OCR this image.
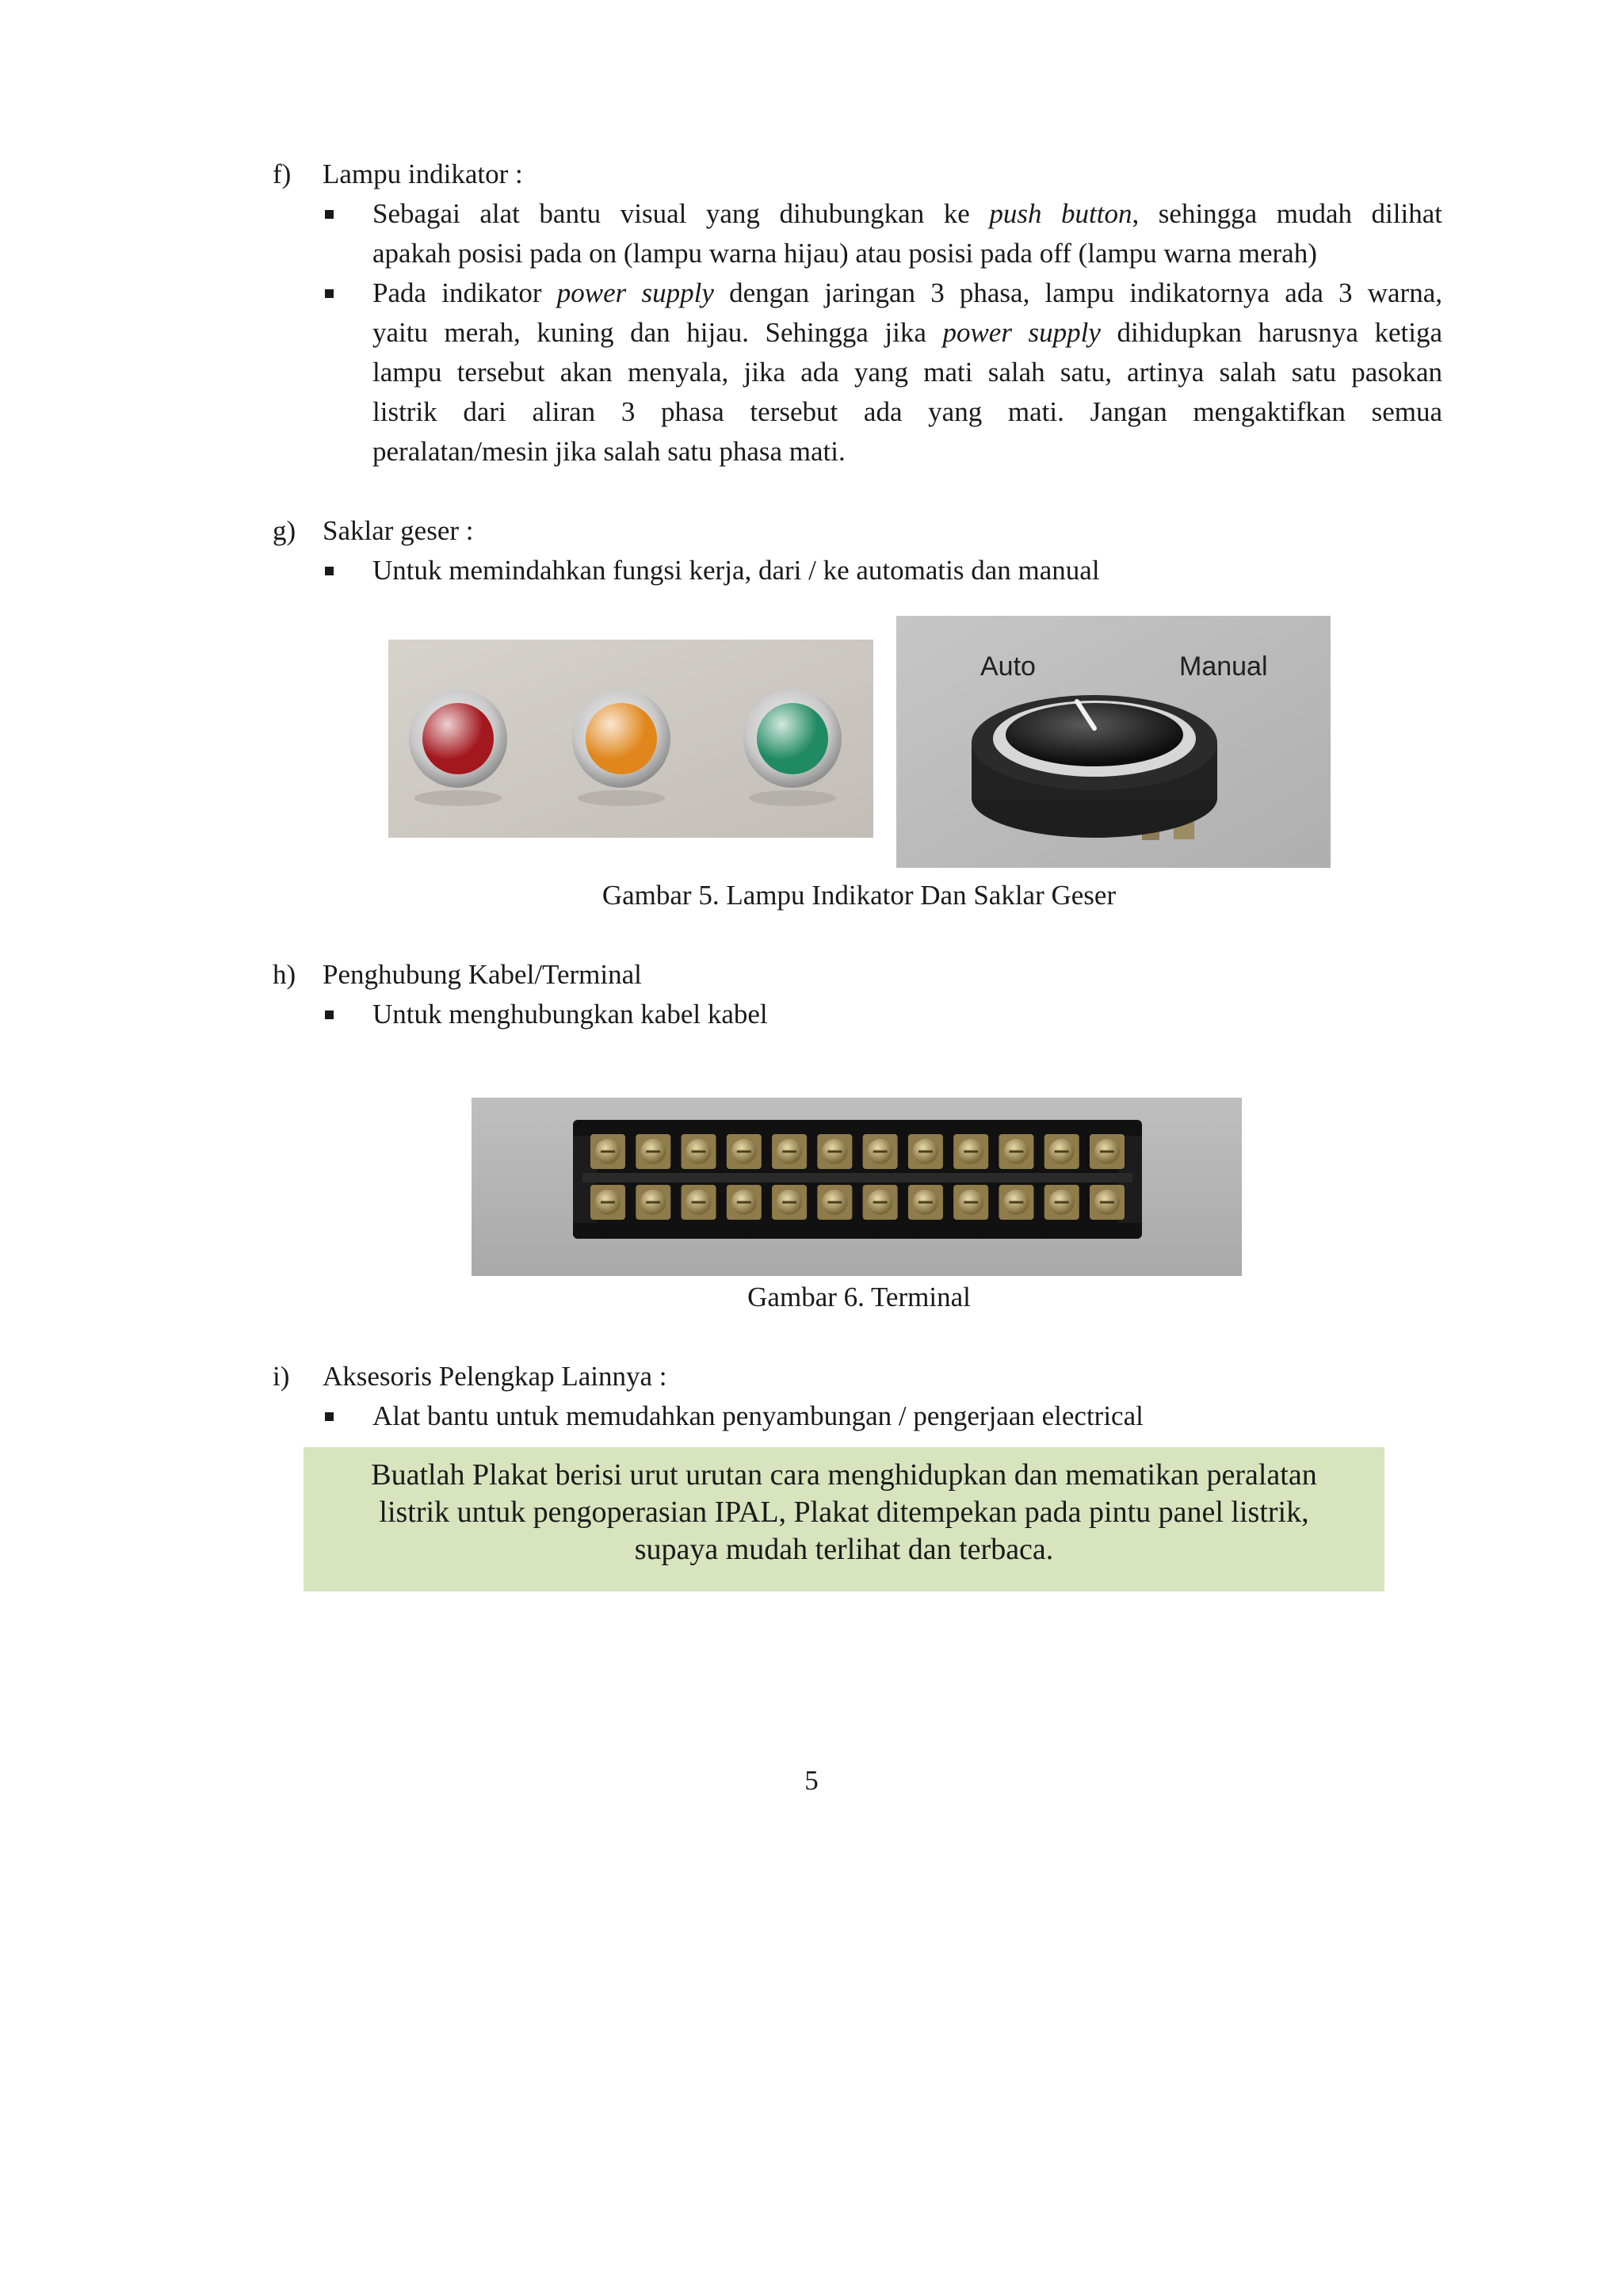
f) Lampu indikator :
Sebagai alat bantu visual yang dihubungkan ke push button, sehingga mudah dilihat
apakah posisi pada on (lampu warna hijau) atau posisi pada off (lampu warna merah)
Pada indikator power supply dengan jaringan 3 phasa, lampu indikatornya ada 3 warna,
yaitu merah, kuning dan hijau. Sehingga jika power supply dihidupkan harusnya ketiga
lampu tersebut akan menyala, jika ada yang mati salah satu, artinya salah satu pasokan
listrik dari aliran 3 phasa tersebut ada yang mati. Jangan mengaktifkan semua
peralatan/mesin jika salah satu phasa mati.
g) Saklar geser :
Untuk memindahkan fungsi kerja, dari / ke automatis dan manual
Auto	Manual
Gambar 5. Lampu Indikator Dan Saklar Geser
h) Penghubung Kabel/Terminal
Untuk menghubungkan kabel kabel
Gambar 6. Terminal
i) Aksesoris Pelengkap Lainnya :
Alat bantu untuk memudahkan penyambungan / pengerjaan electrical
Buatlah Plakat berisi urut urutan cara menghidupkan dan mematikan peralatan
listrik untuk pengoperasian IPAL, Plakat ditempekan pada pintu panel listrik,
supaya mudah terlihat dan terbaca.
5
